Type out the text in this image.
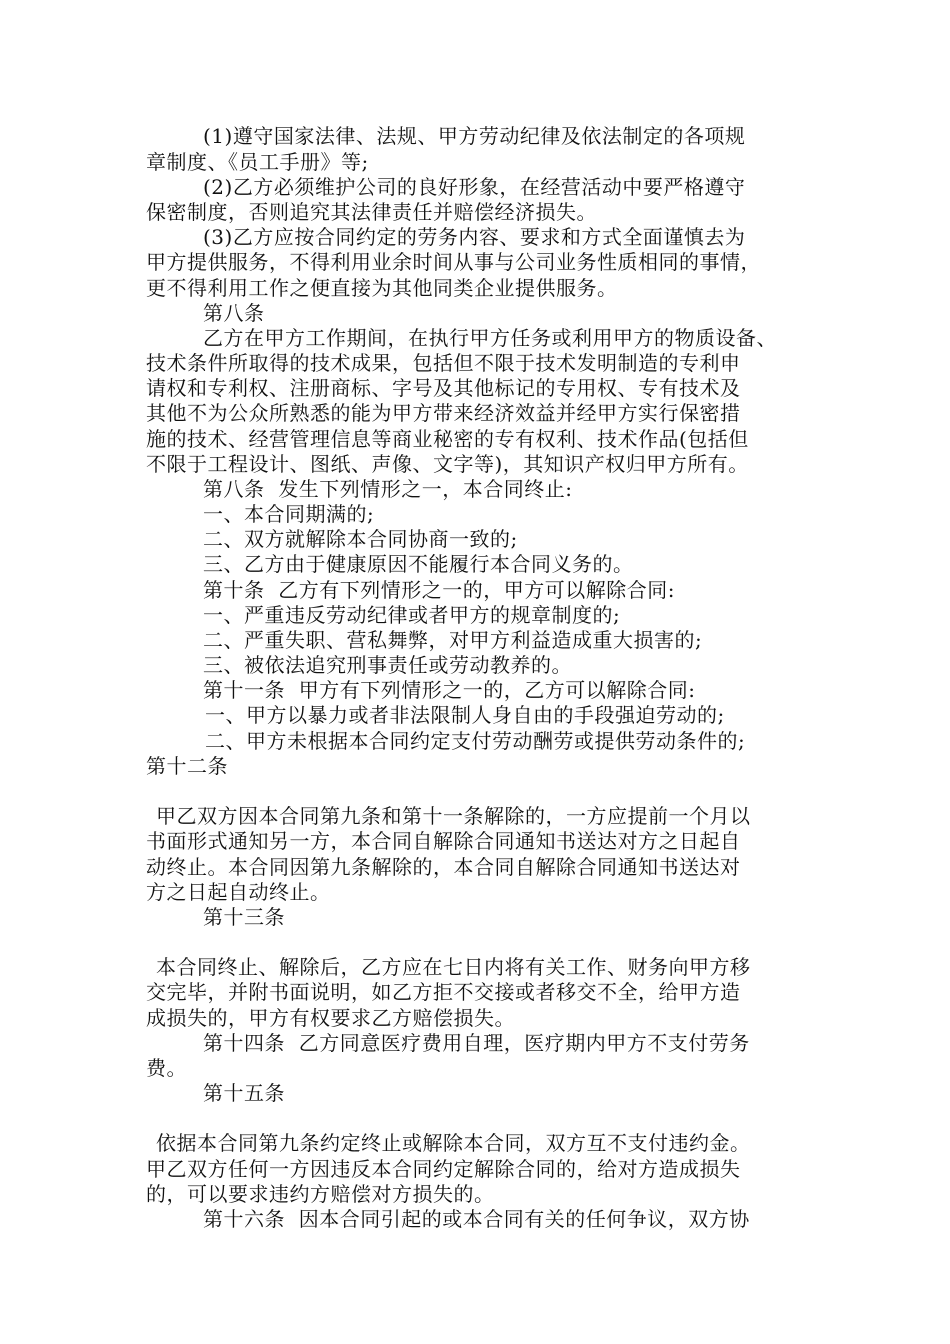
(1)遵守国家法律、法规、甲方劳动纪律及依法制定的各项规
章制度、《员工手册》等;
(2)乙方必须维护公司的良好形象，在经营活动中要严格遵守
保密制度，否则追究其法律责任并赔偿经济损失。
(3)乙方应按合同约定的劳务内容、要求和方式全面谨慎去为
甲方提供服务，不得利用业余时间从事与公司业务性质相同的事情，
更不得利用工作之便直接为其他同类企业提供服务。
第八条
乙方在甲方工作期间，在执行甲方任务或利用甲方的物质设备、
技术条件所取得的技术成果，包括但不限于技术发明制造的专利申
请权和专利权、注册商标、字号及其他标记的专用权、专有技术及
其他不为公众所熟悉的能为甲方带来经济效益并经甲方实行保密措
施的技术、经营管理信息等商业秘密的专有权利、技术作品(包括但
不限于工程设计、图纸、声像、文字等)，其知识产权归甲方所有。
第八条  发生下列情形之一，本合同终止:
一、本合同期满的;
二、双方就解除本合同协商一致的;
三、乙方由于健康原因不能履行本合同义务的。
第十条  乙方有下列情形之一的，甲方可以解除合同:
一、严重违反劳动纪律或者甲方的规章制度的;
二、严重失职、营私舞弊，对甲方利益造成重大损害的;
三、被依法追究刑事责任或劳动教养的。
第十一条  甲方有下列情形之一的，乙方可以解除合同:
一、甲方以暴力或者非法限制人身自由的手段强迫劳动的;
二、甲方未根据本合同约定支付劳动酬劳或提供劳动条件的;
第十二条
甲乙双方因本合同第九条和第十一条解除的，一方应提前一个月以
书面形式通知另一方，本合同自解除合同通知书送达对方之日起自
动终止。本合同因第九条解除的，本合同自解除合同通知书送达对
方之日起自动终止。
第十三条
本合同终止、解除后，乙方应在七日内将有关工作、财务向甲方移
交完毕，并附书面说明，如乙方拒不交接或者移交不全，给甲方造
成损失的，甲方有权要求乙方赔偿损失。
第十四条  乙方同意医疗费用自理，医疗期内甲方不支付劳务
费。
第十五条
依据本合同第九条约定终止或解除本合同，双方互不支付违约金。
甲乙双方任何一方因违反本合同约定解除合同的，给对方造成损失
的，可以要求违约方赔偿对方损失的。
第十六条  因本合同引起的或本合同有关的任何争议，双方协
